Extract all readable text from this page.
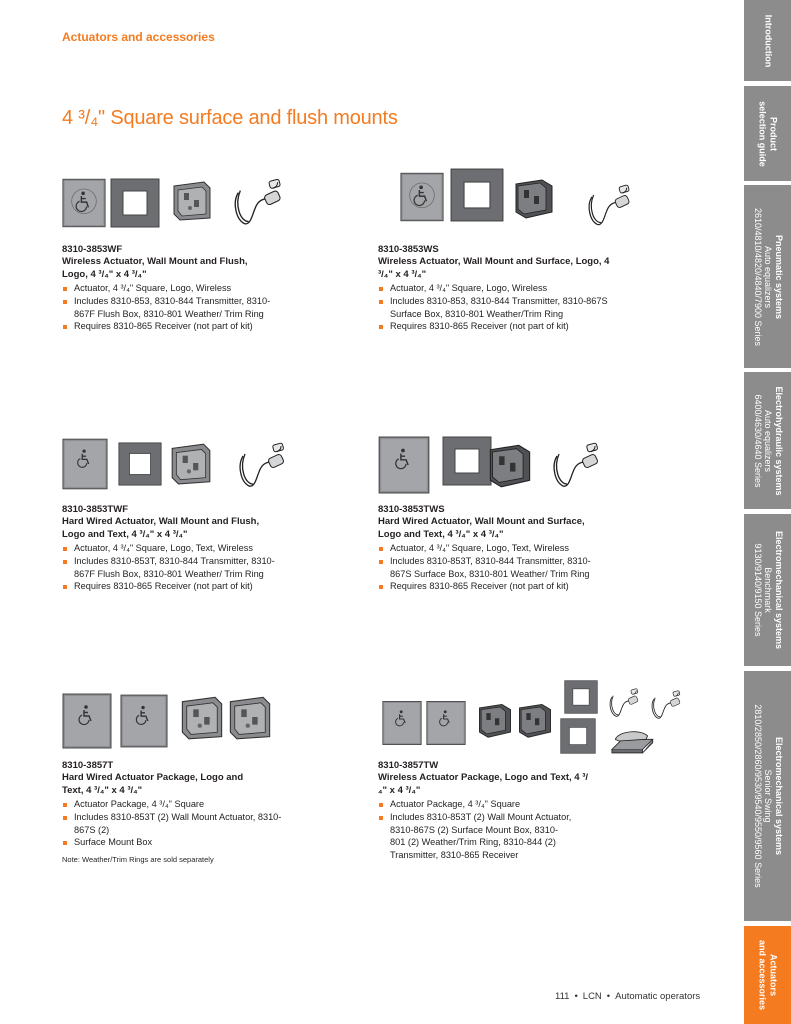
Actuators and accessories
4 ³/₄" Square surface and flush mounts
8310-3853WF
Wireless Actuator, Wall Mount and Flush, Logo, 4 ³/₄" x 4 ³/₄"
Actuator, 4 ³/₄" Square, Logo, Wireless
Includes 8310-853, 8310-844 Transmitter, 8310-867F Flush Box, 8310-801 Weather/ Trim Ring
Requires 8310-865 Receiver (not part of kit)
8310-3853WS
Wireless Actuator, Wall Mount and Surface, Logo, 4 ³/₄" x 4 ³/₄"
Actuator, 4 ³/₄" Square, Logo, Wireless
Includes 8310-853, 8310-844 Transmitter, 8310-867S Surface Box, 8310-801 Weather/Trim Ring
Requires 8310-865 Receiver (not part of kit)
8310-3853TWF
Hard Wired Actuator, Wall Mount and Flush, Logo and Text, 4 ³/₄" x 4 ³/₄"
Actuator, 4 ³/₄" Square, Logo, Text, Wireless
Includes 8310-853T, 8310-844 Transmitter, 8310-867F Flush Box, 8310-801 Weather/ Trim Ring
Requires 8310-865 Receiver (not part of kit)
8310-3853TWS
Hard Wired Actuator, Wall Mount and Surface, Logo and Text, 4 ³/₄" x 4 ³/₄"
Actuator, 4 ³/₄" Square, Logo, Text, Wireless
Includes 8310-853T, 8310-844 Transmitter, 8310-867S Surface Box, 8310-801 Weather/ Trim Ring
Requires 8310-865 Receiver (not part of kit)
8310-3857T
Hard Wired Actuator Package, Logo and Text, 4 ³/₄" x 4 ³/₄"
Actuator Package, 4 ³/₄" Square
Includes 8310-853T (2) Wall Mount Actuator, 8310-867S (2)
Surface Mount Box
Note: Weather/Trim Rings are sold separately
8310-3857TW
Wireless Actuator Package, Logo and Text, 4 ³/₄" x 4 ³/₄"
Actuator Package, 4 ³/₄" Square
Includes 8310-853T (2) Wall Mount Actuator, 8310-867S (2) Surface Mount Box, 8310-801 (2) Weather/Trim Ring, 8310-844 (2) Transmitter, 8310-865 Receiver
Introduction
Product
selection guide
Pneumatic systems
Auto equalizers
2610/4810/4820/4840/7900 Series
Electrohydraulic systems
Auto equalizers
6400/4630/4640 Series
Electromechanical systems
Benchmark
9130/9140/9150 Series
Electromechanical systems
Senior Swing
2810/2850/2860/9530/9540/9550/9560 Series
Actuators
and accessories
111 • LCN • Automatic operators
